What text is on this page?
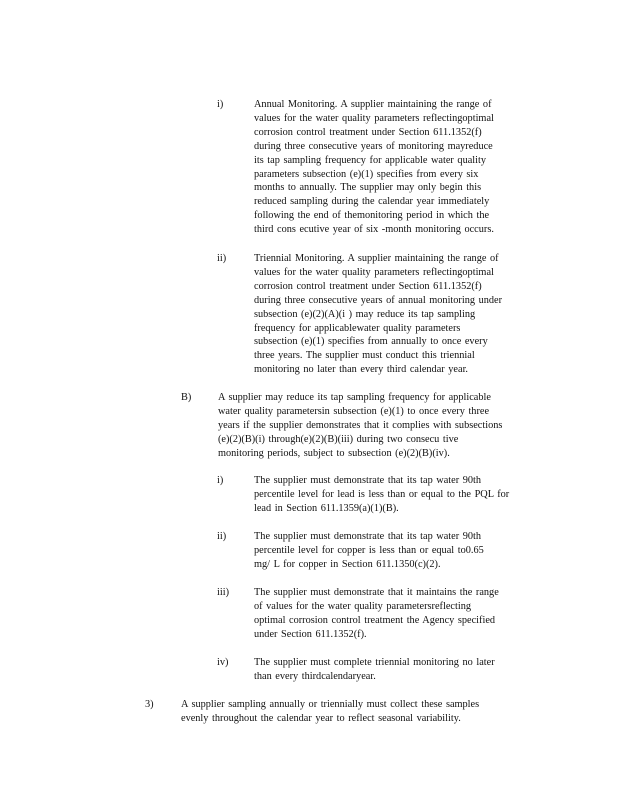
i)	Annual Monitoring. A supplier maintaining the range of
values for the water quality parameters reflectingoptimal
corrosion control treatment under Section 611.1352(f)
during three consecutive years of monitoring mayreduce
its tap sampling frequency for applicable water quality
parameters subsection (e)(1) specifies from every six
months to annually. The supplier may only begin this
reduced sampling during the calendar year immediately
following the end of themonitoring period in which the
third cons ecutive year of six -month monitoring occurs.
ii)	Triennial Monitoring. A supplier maintaining the range of
values for the water quality parameters reflectingoptimal
corrosion control treatment under Section 611.1352(f)
during three consecutive years of annual monitoring under
subsection (e)(2)(A)(i ) may reduce its tap sampling
frequency for applicablewater quality parameters
subsection (e)(1) specifies from annually to once every
three years. The supplier must conduct this triennial
monitoring no later than every third calendar year.
B)	A supplier may reduce its tap sampling frequency for applicable
water quality parametersin subsection (e)(1) to once every three
years if the supplier demonstrates that it complies with subsections
(e)(2)(B)(i) through(e)(2)(B)(iii) during two consecu tive
monitoring periods, subject to subsection (e)(2)(B)(iv).
i)	The supplier must demonstrate that its tap water 90th
percentile level for lead is less than or equal to the PQL for
lead in Section 611.1359(a)(1)(B).
ii)	The supplier must demonstrate that its tap water 90th
percentile level for copper is less than or equal to0.65
mg/ L for copper in Section 611.1350(c)(2).
iii) The supplier must demonstrate that it maintains the range
of values for the water quality parametersreflecting
optimal corrosion control treatment the Agency specified
under Section 611.1352(f).
iv) The supplier must complete triennial monitoring no later
than every thirdcalendaryear.
3)	A supplier sampling annually or triennially must collect these samples
evenly throughout the calendar year to reflect seasonal variability.
